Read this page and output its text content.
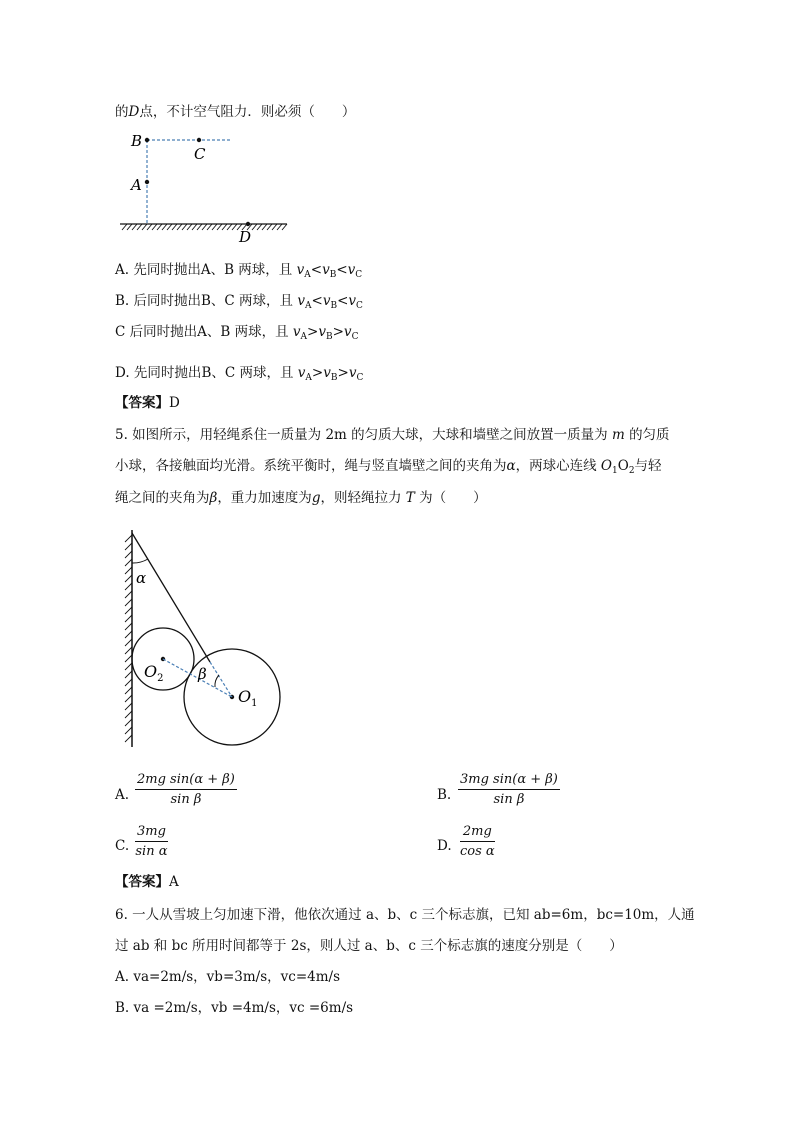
的D点，不计空气阻力．则必须（　　）
B
C
A
D
A. 先同时抛出A、B 两球，且 $v_A<v_B<v_C$
B. 后同时抛出B、C 两球，且 $v_A<v_B<v_C$
C 后同时抛出A、B 两球，且 $v_A>v_B>v_C$
D. 先同时抛出B、C 两球，且 $v_A>v_B>v_C$
【答案】D
5. 如图所示，用轻绳系住一质量为 2m 的匀质大球，大球和墙壁之间放置一质量为 m 的匀质
小球，各接触面均光滑。系统平衡时，绳与竖直墙壁之间的夹角为α，两球心连线 $O_1O_2$与轻
绳之间的夹角为β，重力加速度为g，则轻绳拉力 T 为（　　）
α
β
$O_2$
$O_1$
A. $\frac{\text{2mg sin(α + β)}}{\text{sin β}}$	B. $\frac{\text{3mg sin(α + β)}}{\text{sin β}}$
C. $\frac{3mg}{\text{sin α}}$	D. $\frac{2mg}{\text{cos α}}$
【答案】A
6. 一人从雪坡上匀加速下滑，他依次通过 a、b、c 三个标志旗，已知 ab=6m，bc=10m，人通
过 ab 和 bc 所用时间都等于 2s，则人过 a、b、c 三个标志旗的速度分别是（　　）
A. va=2m/s，vb=3m/s，vc=4m/s
B. va =2m/s，vb =4m/s，vc =6m/s
